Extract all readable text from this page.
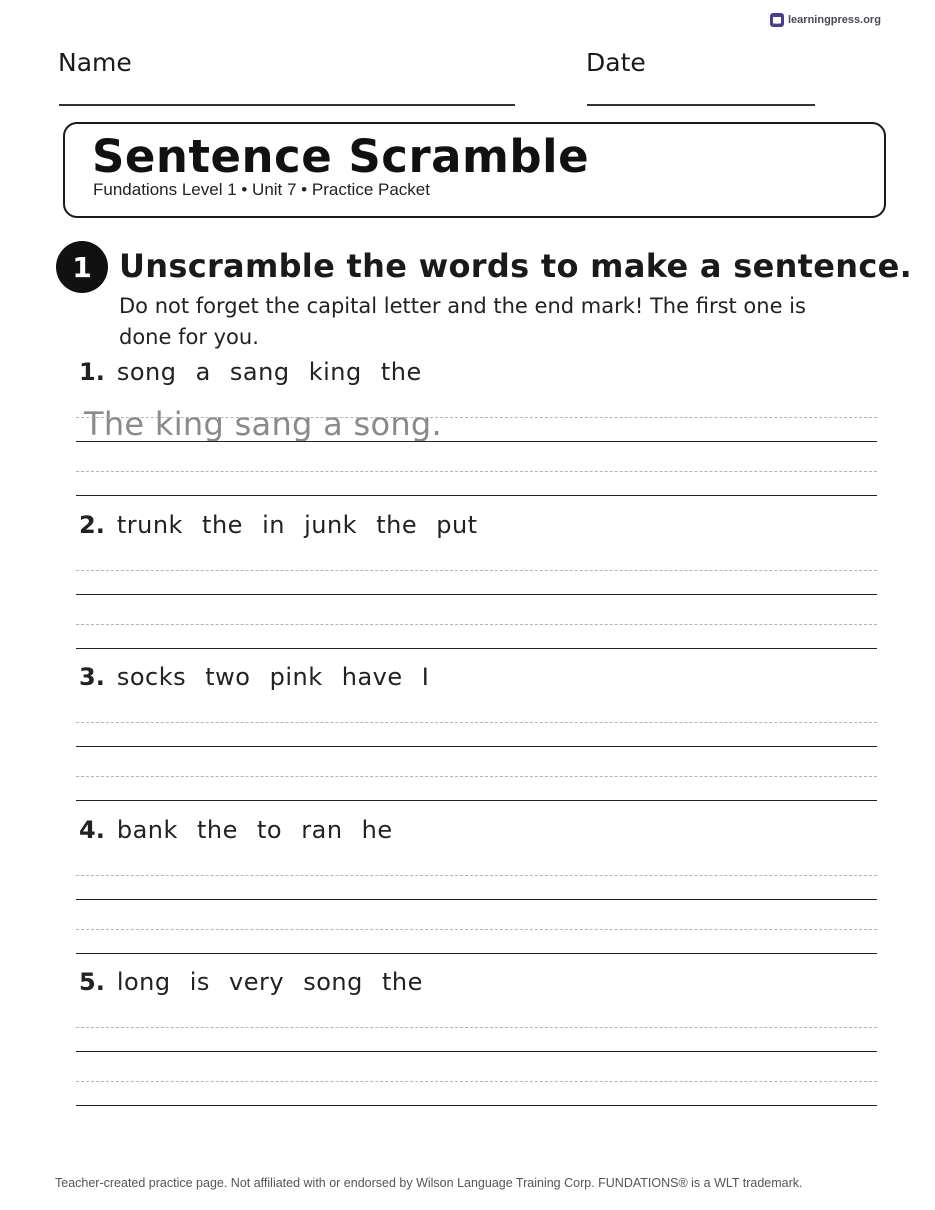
learningpress.org
Name	Date
Sentence Scramble
Fundations Level 1 • Unit 7 • Practice Packet
1 Unscramble the words to make a sentence.

Do not forget the capital letter and the end mark! The first one is done for you.

1. song a sang king the
The king sang a song.
2. trunk the in junk the put
3. socks two pink have I
4. bank the to ran he
5. long is very song the
Teacher-created practice page. Not affiliated with or endorsed by Wilson Language Training Corp. FUNDATIONS® is a WLT trademark.
